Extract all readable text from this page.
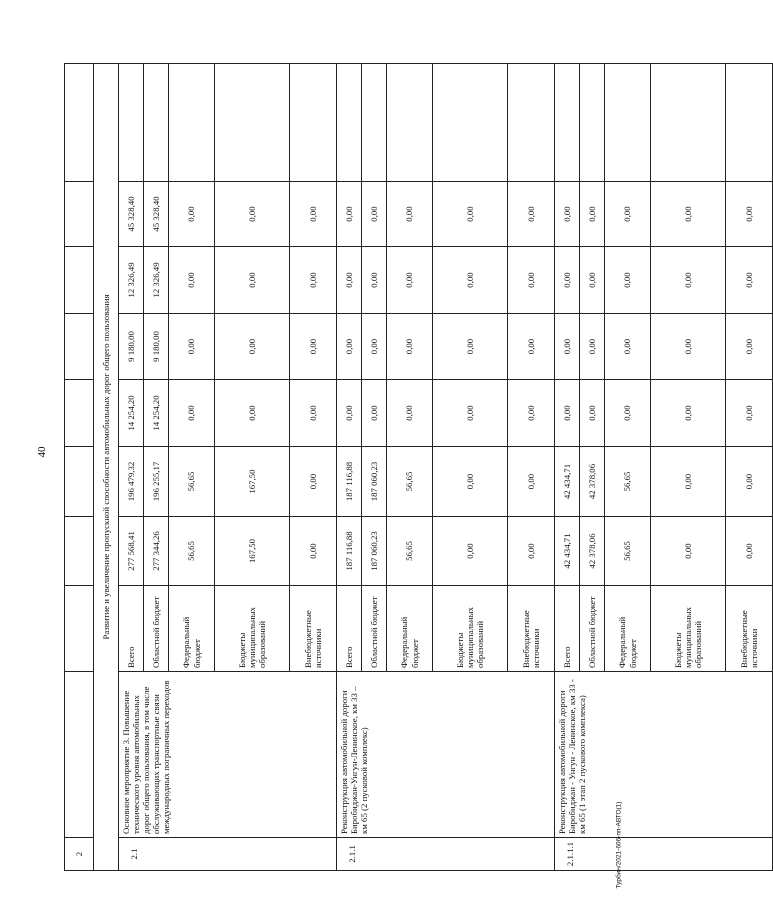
40
2									
Развитие и увеличение пропускной способности автомобильных дорог общего пользования									
2.1	Основное мероприятие 3. Повышение технического уровня автомобильных дорог общего пользования, в том числе обслуживающих транспортные связи международных пограничных переходов	Всего	277 568,41	196 479,32	14 254,20	9 180,00	12 326,49	45 328,40	
		Областной бюджет	277 344,26	196 255,17	14 254,20	9 180,00	12 326,49	45 328,40	
		Федеральный бюджет	56,65	56,65	0,00	0,00	0,00	0,00	
		Бюджеты муниципальных образований	167,50	167,50	0,00	0,00	0,00	0,00	
		Внебюджетные источники	0,00	0,00	0,00	0,00	0,00	0,00	
2.1.1	Реконструкция автомобильной дороги Биробиджан-Унгун-Ленинское, км 33 – км 65 (2 пусковой комплекс)	Всего	187 116,88	187 116,88	0,00	0,00	0,00	0,00	
		Областной бюджет	187 060,23	187 060,23	0,00	0,00	0,00	0,00	
		Федеральный бюджет	56,65	56,65	0,00	0,00	0,00	0,00	
		Бюджеты муниципальных образований	0,00	0,00	0,00	0,00	0,00	0,00	
		Внебюджетные источники	0,00	0,00	0,00	0,00	0,00	0,00	
2.1.1.1	Реконструкция автомобильной дороги Биробиджан - Унгун - Ленинское, км 33 - км 65 (1 этап 2 пускового комплекса)	Всего	42 434,71	42 434,71	0,00	0,00	0,00	0,00	
		Областной бюджет	42 378,06	42 378,06	0,00	0,00	0,00	0,00	
		Федеральный бюджет	56,65	56,65	0,00	0,00	0,00	0,00	
		Бюджеты муниципальных образований	0,00	0,00	0,00	0,00	0,00	0,00	
		Внебюджетные источники	0,00	0,00	0,00	0,00	0,00	0,00	
Турбин/2021-606-пп-АВТО(1)
